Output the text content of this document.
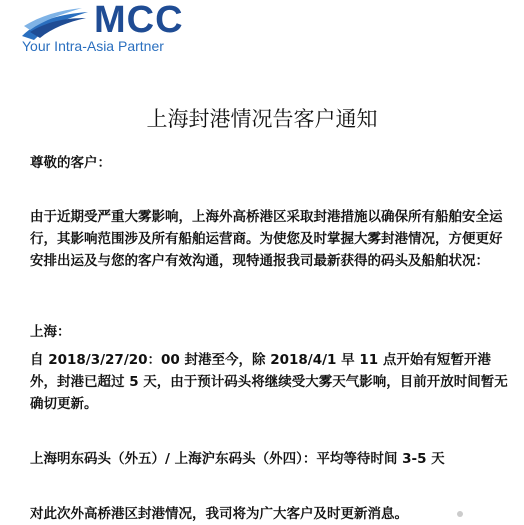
MCC
Your Intra-Asia Partner
上海封港情况告客户通知

尊敬的客户：

由于近期受严重大雾影响，上海外高桥港区采取封港措施以确保所有船舶安全运行，其影响范围涉及所有船舶运营商。为使您及时掌握大雾封港情况，方便更好安排出运及与您的客户有效沟通，现特通报我司最新获得的码头及船舶状况：

上海：

自 2018/3/27/20：00 封港至今，除 2018/4/1 早 11 点开始有短暂开港外，封港已超过 5 天，由于预计码头将继续受大雾天气影响，目前开放时间暂无确切更新。

上海明东码头（外五）/ 上海沪东码头（外四）：平均等待时间 3-5 天

对此次外高桥港区封港情况，我司将为广大客户及时更新消息。
